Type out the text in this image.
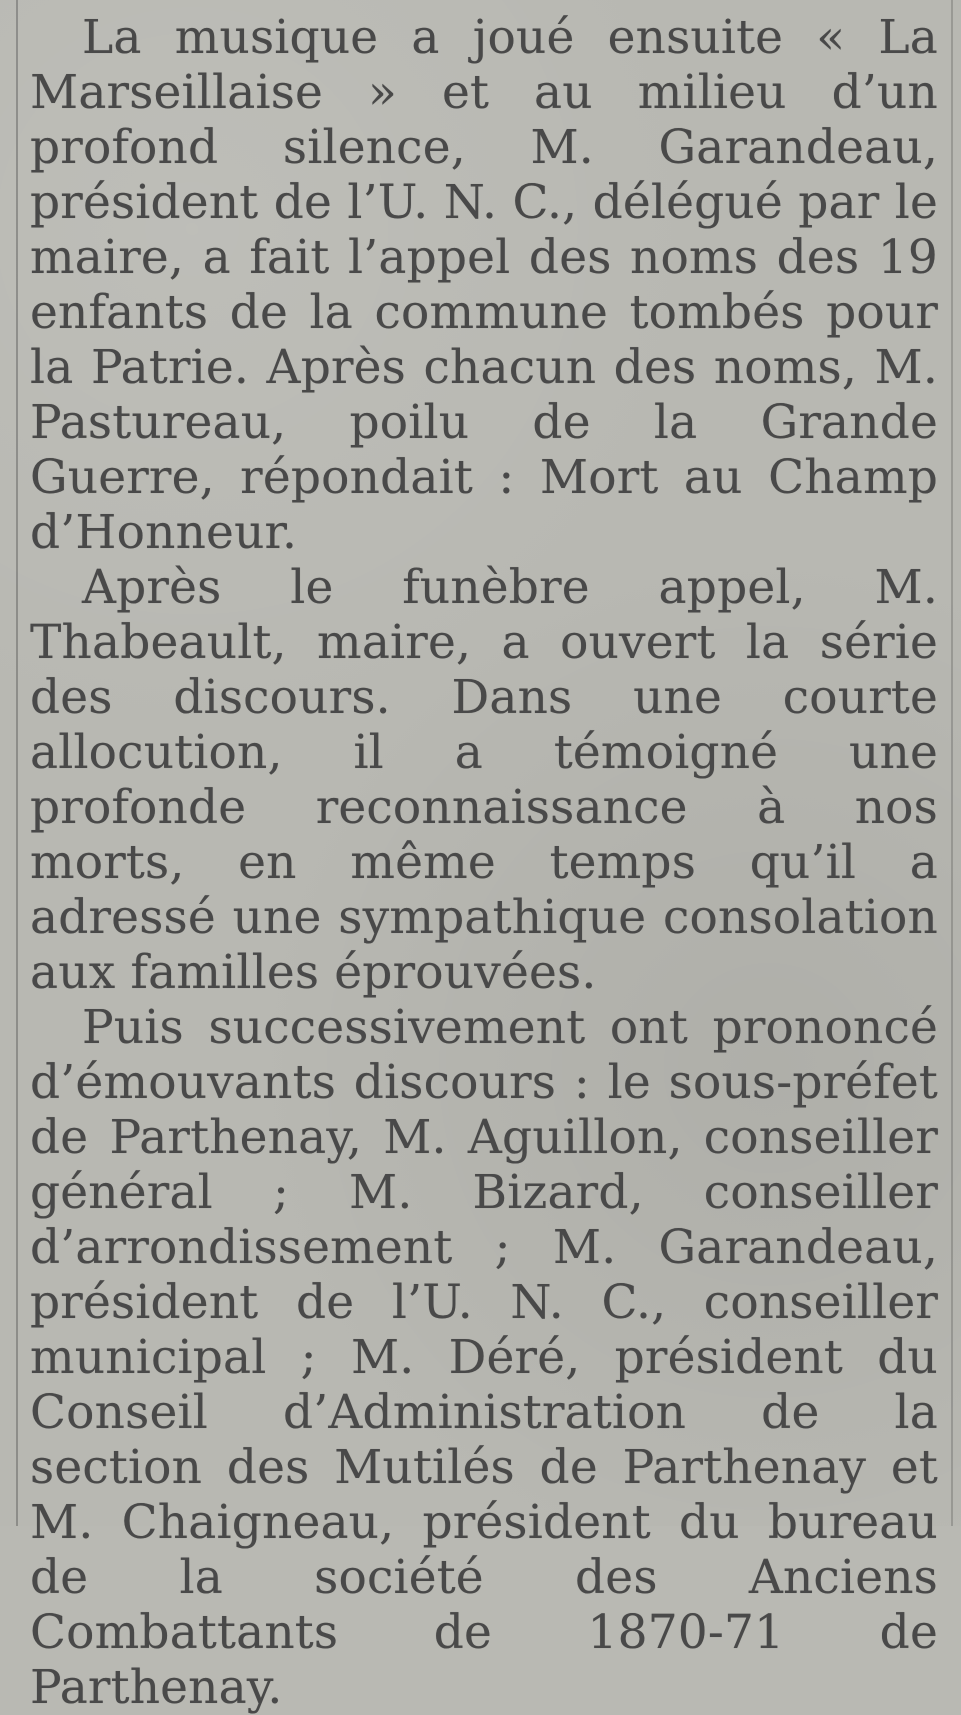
La musique a joué ensuite « La Marseillaise » et au milieu d’un profond silence, M. Garandeau, président de l’U. N. C., délégué par le maire, a fait l’appel des noms des 19 enfants de la commune tombés pour la Patrie. Après chacun des noms, M. Pastureau, poilu de la Grande Guerre, répondait : Mort au Champ d’Honneur.

Après le funèbre appel, M. Thabeault, maire, a ouvert la série des discours. Dans une courte allocution, il a témoigné une profonde reconnaissance à nos morts, en même temps qu’il a adressé une sympathique consolation aux familles éprouvées.

Puis successivement ont prononcé d’émouvants discours : le sous-préfet de Parthenay, M. Aguillon, conseiller général ; M. Bizard, conseiller d’arrondissement ; M. Garandeau, président de l’U. N. C., conseiller municipal ; M. Déré, président du Conseil d’Administration de la section des Mutilés de Parthenay et M. Chaigneau, président du bureau de la société des Anciens Combattants de 1870-71 de Parthenay.
